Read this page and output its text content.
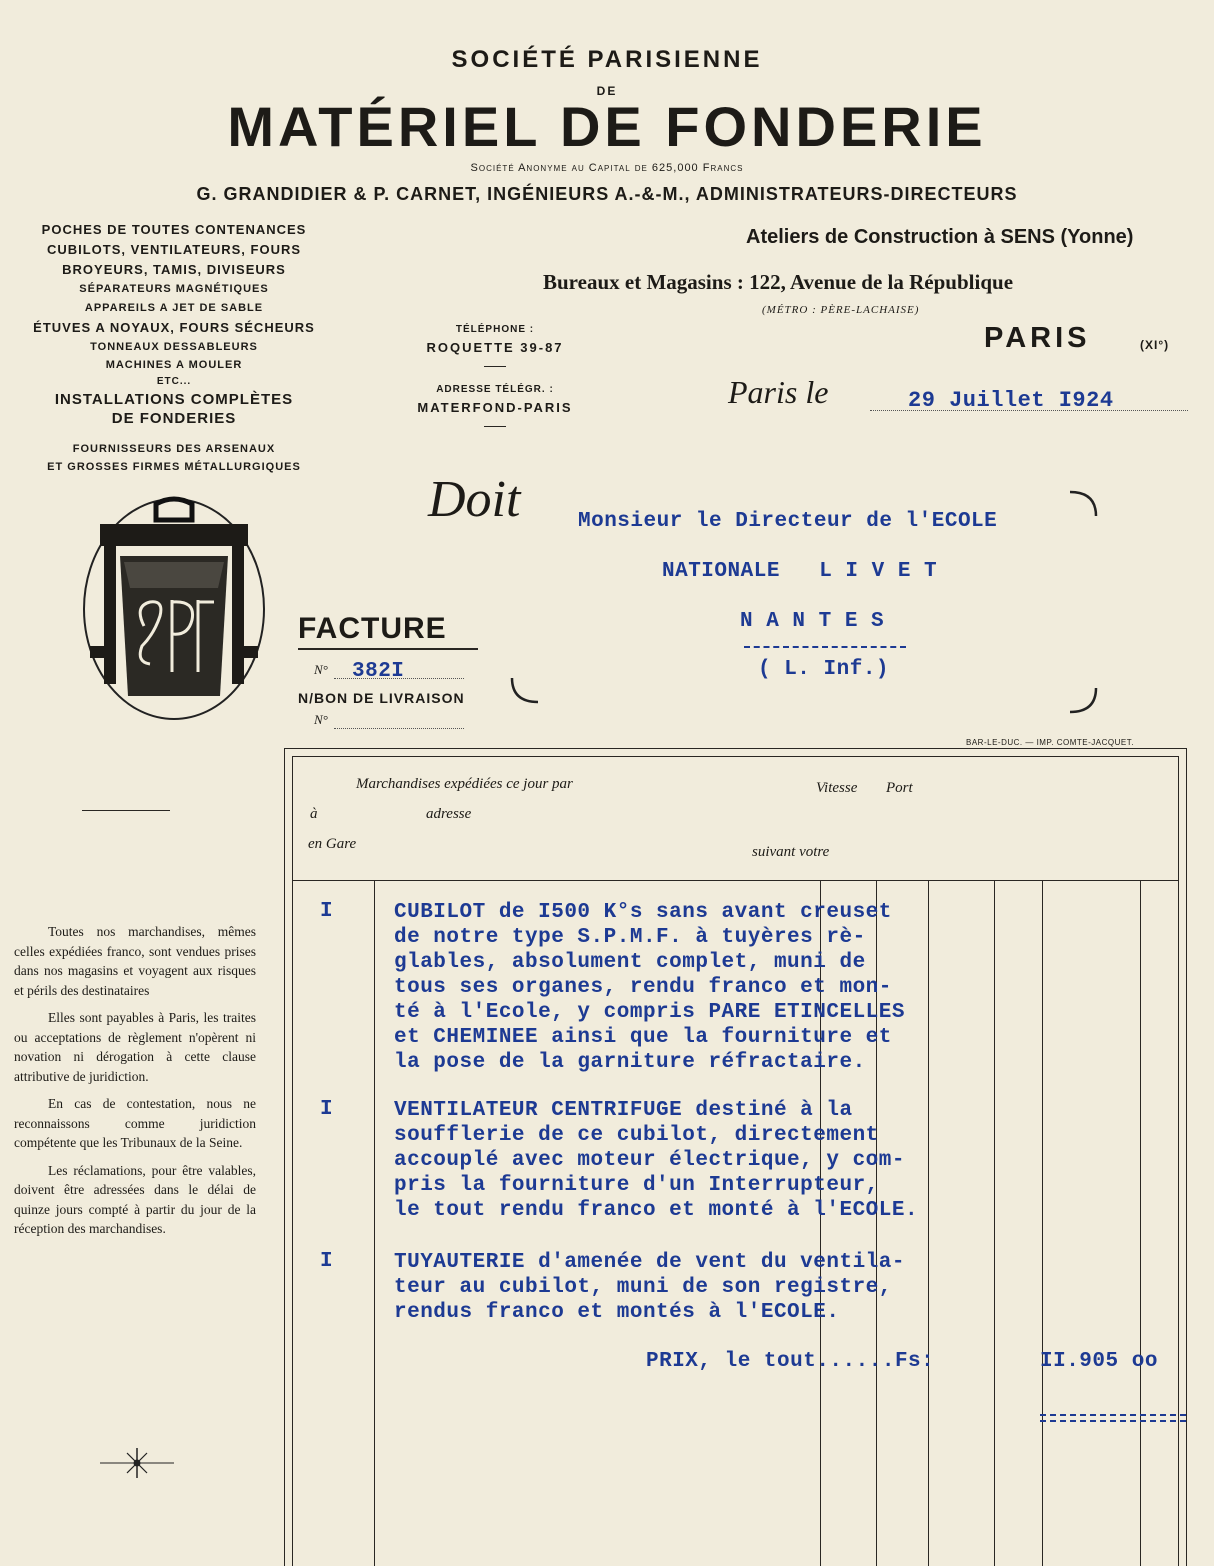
SOCIÉTÉ PARISIENNE
DE
MATÉRIEL DE FONDERIE
Société Anonyme au Capital de 625,000 Francs
G. GRANDIDIER & P. CARNET, INGÉNIEURS A.-&-M., ADMINISTRATEURS-DIRECTEURS
POCHES DE TOUTES CONTENANCES
CUBILOTS, VENTILATEURS, FOURS
BROYEURS, TAMIS, DIVISEURS
SÉPARATEURS MAGNÉTIQUES
APPAREILS A JET DE SABLE
ÉTUVES A NOYAUX, FOURS SÉCHEURS
TONNEAUX DESSABLEURS
MACHINES A MOULER
ETC...
INSTALLATIONS COMPLÈTES
DE FONDERIES
FOURNISSEURS DES ARSENAUX
ET GROSSES FIRMES MÉTALLURGIQUES
TÉLÉPHONE :
ROQUETTE 39-87
ADRESSE TÉLÉGR. :
MATERFOND-PARIS
Ateliers de Construction à SENS (Yonne)
Bureaux et Magasins : 122, Avenue de la République
(MÉTRO : PÈRE-LACHAISE)
PARIS	(XI°)
Paris le	29 Juillet I924
Doit	Monsieur le Directeur de l'ECOLE
NATIONALE   L I V E T
N A N T E S
( L. Inf.)
FACTURE
N° 382I
N/BON DE LIVRAISON
N°
BAR-LE-DUC. — IMP. COMTE-JACQUET.
Marchandises expédiées ce jour par	Vitesse Port
à	adresse
en Gare	suivant votre

Toutes nos marchandises, mêmes celles expédiées franco, sont vendues prises dans nos magasins et voyagent aux risques et périls des destinataires

Elles sont payables à Paris, les traites ou acceptations de règlement n'opèrent ni novation ni dérogation à cette clause attributive de juridiction.

En cas de contestation, nous ne reconnaissons comme juridiction compétente que les Tribunaux de la Seine.

Les réclamations, pour être valables, doivent être adressées dans le délai de quinze jours compté à partir du jour de la réception des marchandises.

I	CUBILOT de I500 K°s sans avant creuset
de notre type S.P.M.F. à tuyères rè-
glables, absolument complet, muni de
tous ses organes, rendu franco et mon-
té à l'Ecole, y compris PARE ETINCELLES
et CHEMINEE ainsi que la fourniture et
la pose de la garniture réfractaire.
I	VENTILATEUR CENTRIFUGE destiné à la
soufflerie de ce cubilot, directement
accouplé avec moteur électrique, y com-
pris la fourniture d'un Interrupteur,
le tout rendu franco et monté à l'ECOLE.
I	TUYAUTERIE d'amenée de vent du ventila-
teur au cubilot, muni de son registre,
rendus franco et montés à l'ECOLE.
PRIX, le tout......Fs:	II.905 oo
